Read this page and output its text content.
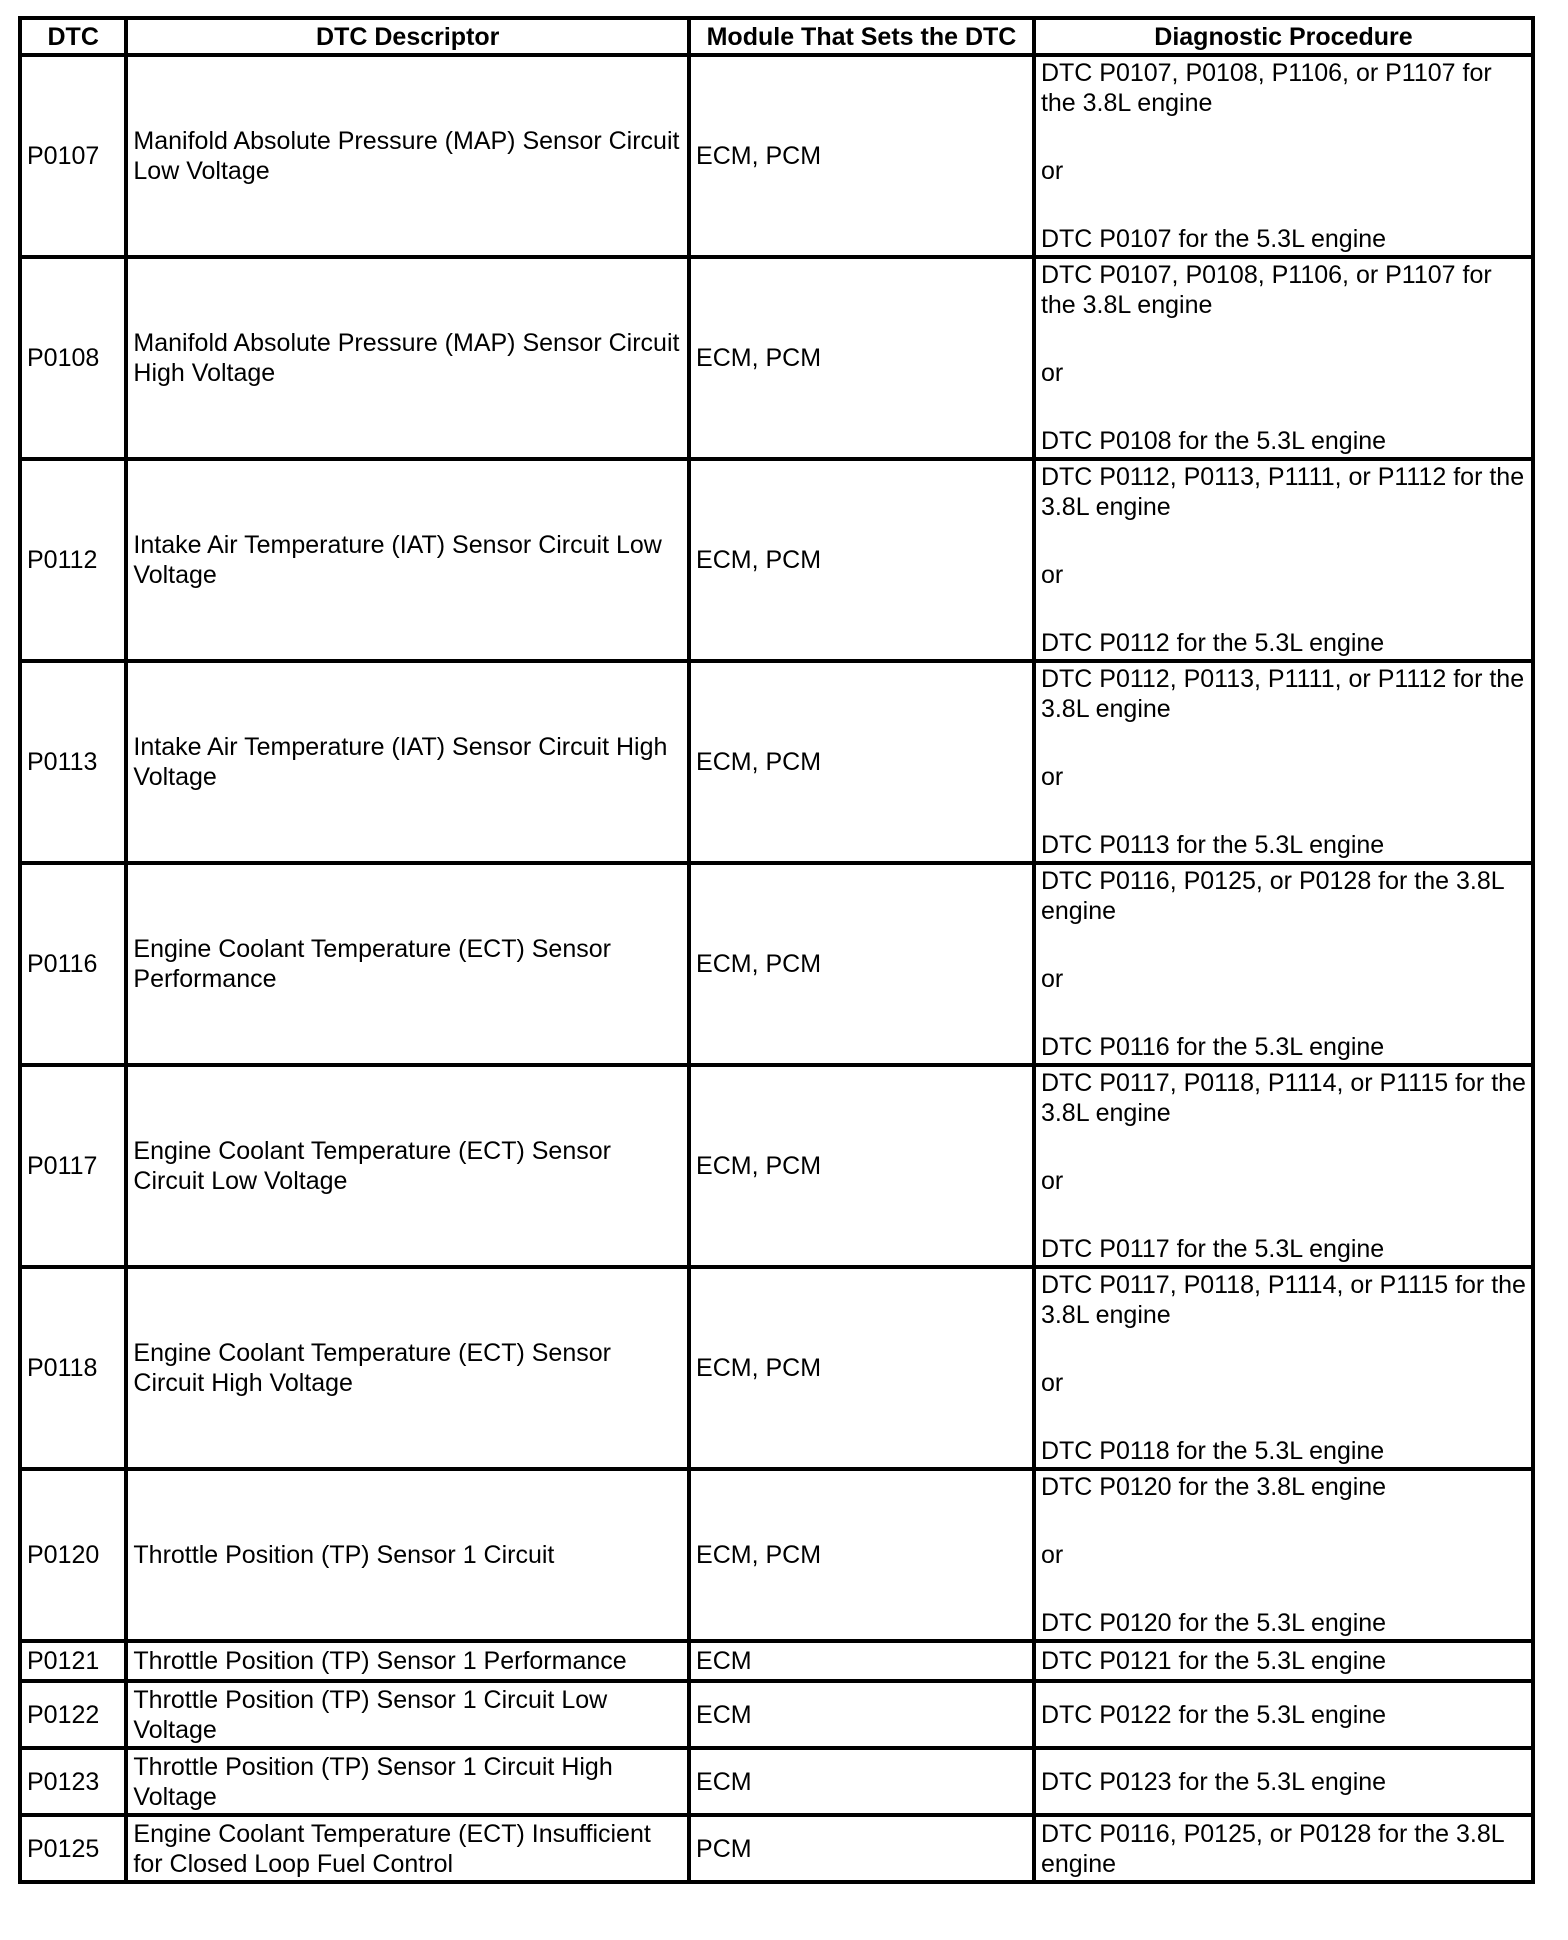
DTC	DTC Descriptor	Module That Sets the DTC	Diagnostic Procedure
P0107	Manifold Absolute Pressure (MAP) Sensor Circuit Low Voltage	ECM, PCM	DTC P0107, P0108, P1106, or P1107 for the 3.8L engine
or
DTC P0107 for the 5.3L engine

P0108	Manifold Absolute Pressure (MAP) Sensor Circuit High Voltage	ECM, PCM	DTC P0107, P0108, P1106, or P1107 for the 3.8L engine
or
DTC P0108 for the 5.3L engine

P0112	Intake Air Temperature (IAT) Sensor Circuit Low Voltage	ECM, PCM	DTC P0112, P0113, P1111, or P1112 for the 3.8L engine
or
DTC P0112 for the 5.3L engine

P0113	Intake Air Temperature (IAT) Sensor Circuit High Voltage	ECM, PCM	DTC P0112, P0113, P1111, or P1112 for the 3.8L engine
or
DTC P0113 for the 5.3L engine

P0116	Engine Coolant Temperature (ECT) Sensor Performance	ECM, PCM	DTC P0116, P0125, or P0128 for the 3.8L engine
or
DTC P0116 for the 5.3L engine

P0117	Engine Coolant Temperature (ECT) Sensor Circuit Low Voltage	ECM, PCM	DTC P0117, P0118, P1114, or P1115 for the 3.8L engine
or
DTC P0117 for the 5.3L engine

P0118	Engine Coolant Temperature (ECT) Sensor Circuit High Voltage	ECM, PCM	DTC P0117, P0118, P1114, or P1115 for the 3.8L engine
or
DTC P0118 for the 5.3L engine

P0120	Throttle Position (TP) Sensor 1 Circuit	ECM, PCM	DTC P0120 for the 3.8L engine
or
DTC P0120 for the 5.3L engine

P0121	Throttle Position (TP) Sensor 1 Performance	ECM	DTC P0121 for the 5.3L engine
P0122	Throttle Position (TP) Sensor 1 Circuit Low Voltage	ECM	DTC P0122 for the 5.3L engine
P0123	Throttle Position (TP) Sensor 1 Circuit High Voltage	ECM	DTC P0123 for the 5.3L engine
P0125	Engine Coolant Temperature (ECT) Insufficient for Closed Loop Fuel Control	PCM	DTC P0116, P0125, or P0128 for the 3.8L engine
